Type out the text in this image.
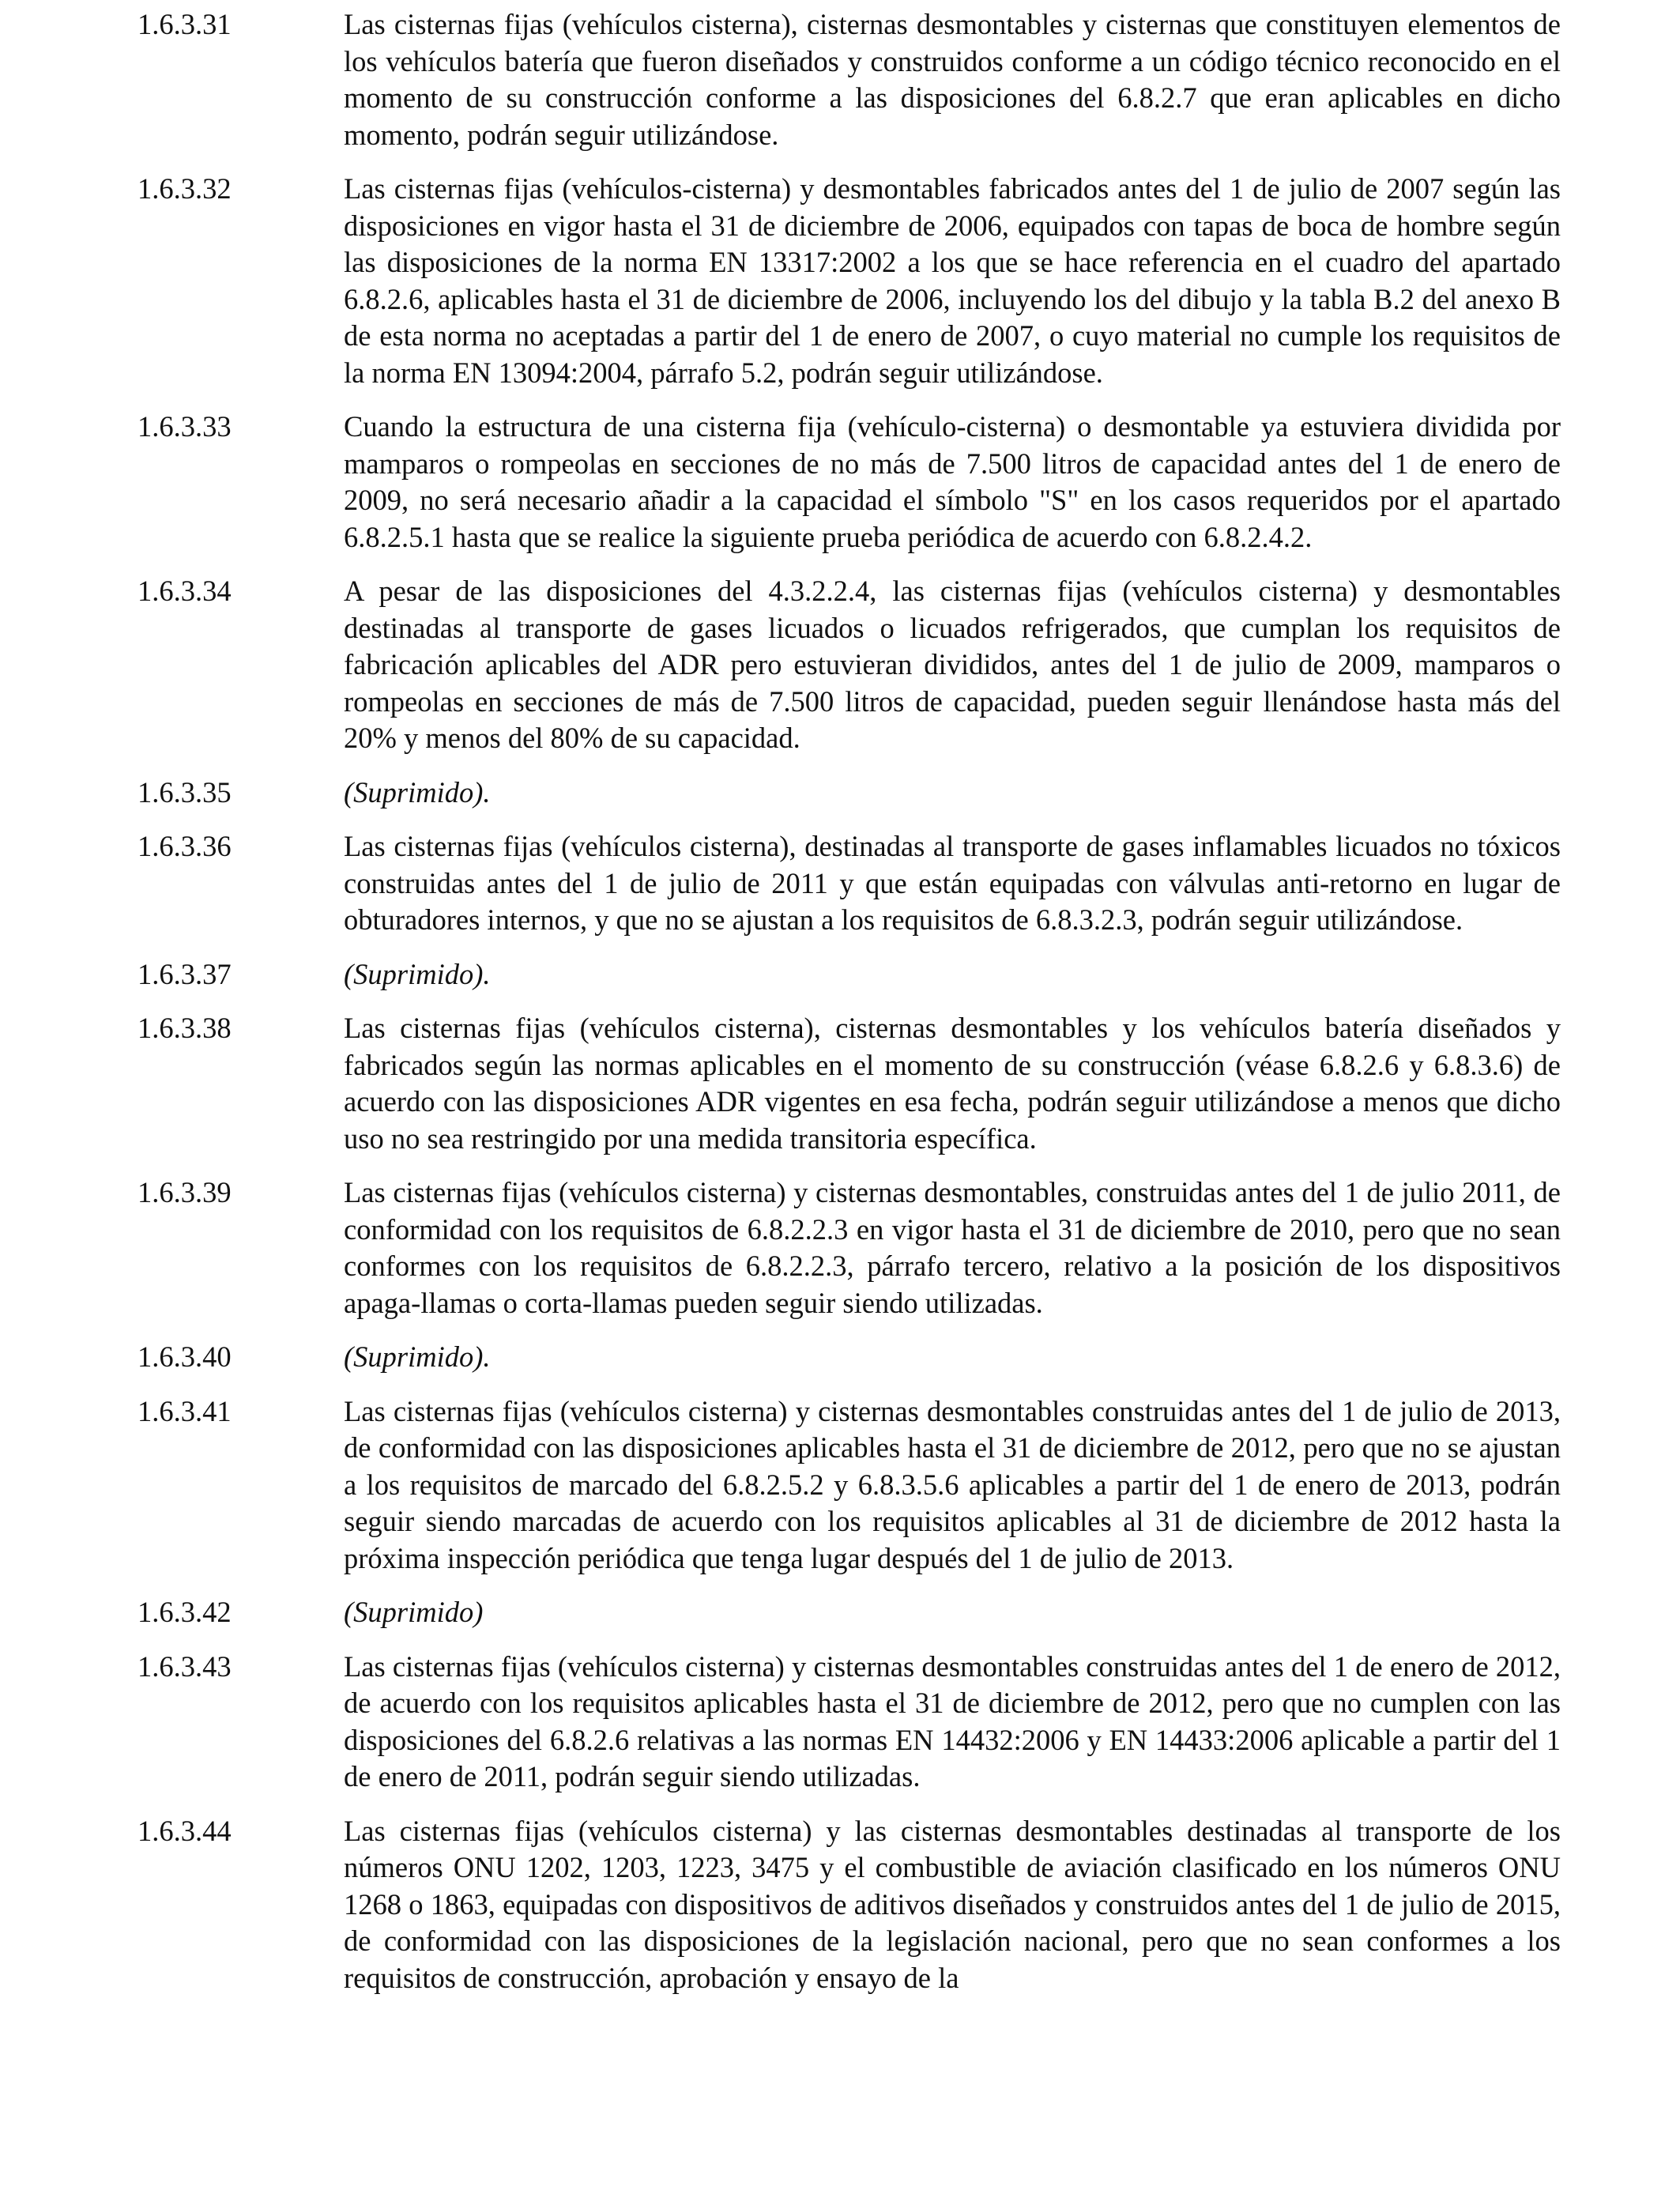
1.6.3.31	Las cisternas fijas (vehículos cisterna), cisternas desmontables y cisternas que constituyen elementos de los vehículos batería que fueron diseñados y construidos conforme a un código técnico reconocido en el momento de su construcción conforme a las disposiciones del 6.8.2.7 que eran aplicables en dicho momento, podrán seguir utilizándose.
1.6.3.32	Las cisternas fijas (vehículos-cisterna) y desmontables fabricados antes del 1 de julio de 2007 según las disposiciones en vigor hasta el 31 de diciembre de 2006, equipados con tapas de boca de hombre según las disposiciones de la norma EN 13317:2002 a los que se hace referencia en el cuadro del apartado 6.8.2.6, aplicables hasta el 31 de diciembre de 2006, incluyendo los del dibujo y la tabla B.2 del anexo B de esta norma no aceptadas a partir del 1 de enero de 2007, o cuyo material no cumple los requisitos de la norma EN 13094:2004, párrafo 5.2, podrán seguir utilizándose.
1.6.3.33	Cuando la estructura de una cisterna fija (vehículo-cisterna) o desmontable ya estuviera dividida por mamparos o rompeolas en secciones de no más de 7.500 litros de capacidad antes del 1 de enero de 2009, no será necesario añadir a la capacidad el símbolo "S" en los casos requeridos por el apartado 6.8.2.5.1 hasta que se realice la siguiente prueba periódica de acuerdo con 6.8.2.4.2.
1.6.3.34	A pesar de las disposiciones del 4.3.2.2.4, las cisternas fijas (vehículos cisterna) y desmontables destinadas al transporte de gases licuados o licuados refrigerados, que cumplan los requisitos de fabricación aplicables del ADR pero estuvieran divididos, antes del 1 de julio de 2009, mamparos o rompeolas en secciones de más de 7.500 litros de capacidad, pueden seguir llenándose hasta más del 20% y menos del 80% de su capacidad.
1.6.3.35	(Suprimido).
1.6.3.36	Las cisternas fijas (vehículos cisterna), destinadas al transporte de gases inflamables licuados no tóxicos construidas antes del 1 de julio de 2011 y que están equipadas con válvulas anti-retorno en lugar de obturadores internos, y que no se ajustan a los requisitos de 6.8.3.2.3, podrán seguir utilizándose.
1.6.3.37	(Suprimido).
1.6.3.38	Las cisternas fijas (vehículos cisterna), cisternas desmontables y los vehículos batería diseñados y fabricados según las normas aplicables en el momento de su construcción (véase 6.8.2.6 y 6.8.3.6) de acuerdo con las disposiciones ADR vigentes en esa fecha, podrán seguir utilizándose a menos que dicho uso no sea restringido por una medida transitoria específica.
1.6.3.39	Las cisternas fijas (vehículos cisterna) y cisternas desmontables, construidas antes del 1 de julio 2011, de conformidad con los requisitos de 6.8.2.2.3 en vigor hasta el 31 de diciembre de 2010, pero que no sean conformes con los requisitos de 6.8.2.2.3, párrafo tercero, relativo a la posición de los dispositivos apaga-llamas o corta-llamas pueden seguir siendo utilizadas.
1.6.3.40	(Suprimido).
1.6.3.41	Las cisternas fijas (vehículos cisterna) y cisternas desmontables construidas antes del 1 de julio de 2013, de conformidad con las disposiciones aplicables hasta el 31 de diciembre de 2012, pero que no se ajustan a los requisitos de marcado del 6.8.2.5.2 y 6.8.3.5.6 aplicables a partir del 1 de enero de 2013, podrán seguir siendo marcadas de acuerdo con los requisitos aplicables al 31 de diciembre de 2012 hasta la próxima inspección periódica que tenga lugar después del 1 de julio de 2013.
1.6.3.42	(Suprimido)
1.6.3.43	Las cisternas fijas (vehículos cisterna) y cisternas desmontables construidas antes del 1 de enero de 2012, de acuerdo con los requisitos aplicables hasta el 31 de diciembre de 2012, pero que no cumplen con las disposiciones del 6.8.2.6 relativas a las normas EN 14432:2006 y EN 14433:2006 aplicable a partir del 1 de enero de 2011, podrán seguir siendo utilizadas.
1.6.3.44	Las cisternas fijas (vehículos cisterna) y las cisternas desmontables destinadas al transporte de los números ONU 1202, 1203, 1223, 3475 y el combustible de aviación clasificado en los números ONU 1268 o 1863, equipadas con dispositivos de aditivos diseñados y construidos antes del 1 de julio de 2015, de conformidad con las disposiciones de la legislación nacional, pero que no sean conformes a los requisitos de construcción, aprobación y ensayo de la
